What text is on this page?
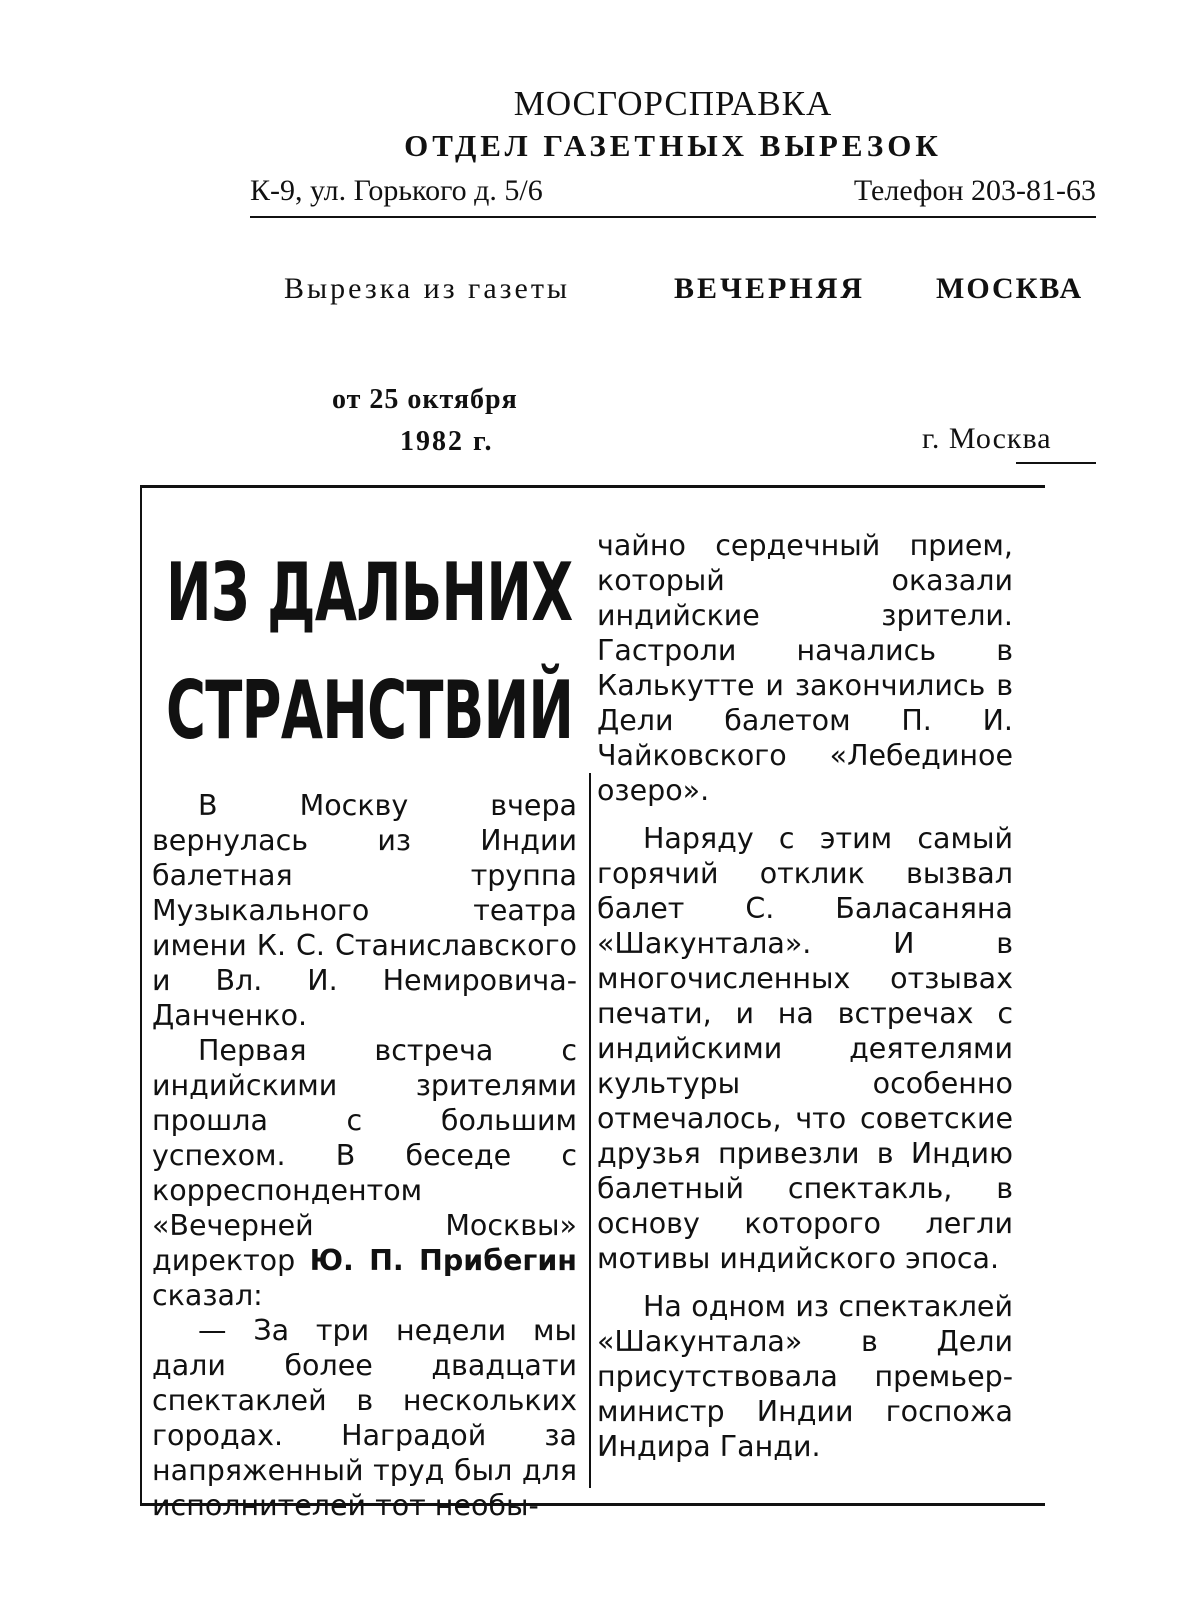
МОСГОРСПРАВКА
ОТДЕЛ ГАЗЕТНЫХ ВЫРЕЗОК
К-9, ул. Горького д. 5/6	Телефон 203-81-63
Вырезка из газеты	ВЕЧЕРНЯЯ МОСКВА
от 25 октября
1982 г.	г. Москва
ИЗ ДАЛЬНИХ
СТРАНСТВИЙ

В Москву вчера вернулась из Индии балетная труппа Музыкального театра имени К. С. Станиславского и Вл. И. Немировича-Данченко.

Первая встреча с индийскими зрителями прошла с большим успехом. В беседе с корреспондентом «Вечерней Москвы» директор Ю. П. Прибегин сказал:

— За три недели мы дали более двадцати спектаклей в нескольких городах. Наградой за напряженный труд был для исполнителей тот необы-

чайно сердечный прием, который оказали индийские зрители. Гастроли начались в Калькутте и закончились в Дели балетом П. И. Чайковского «Лебединое озеро».

Наряду с этим самый горячий отклик вызвал балет С. Баласаняна «Шакунтала». И в многочисленных отзывах печати, и на встречах с индийскими деятелями культуры особенно отмечалось, что советские друзья привезли в Индию балетный спектакль, в основу которого легли мотивы индийского эпоса.

На одном из спектаклей «Шакунтала» в Дели присутствовала премьер-министр Индии госпожа Индира Ганди.
